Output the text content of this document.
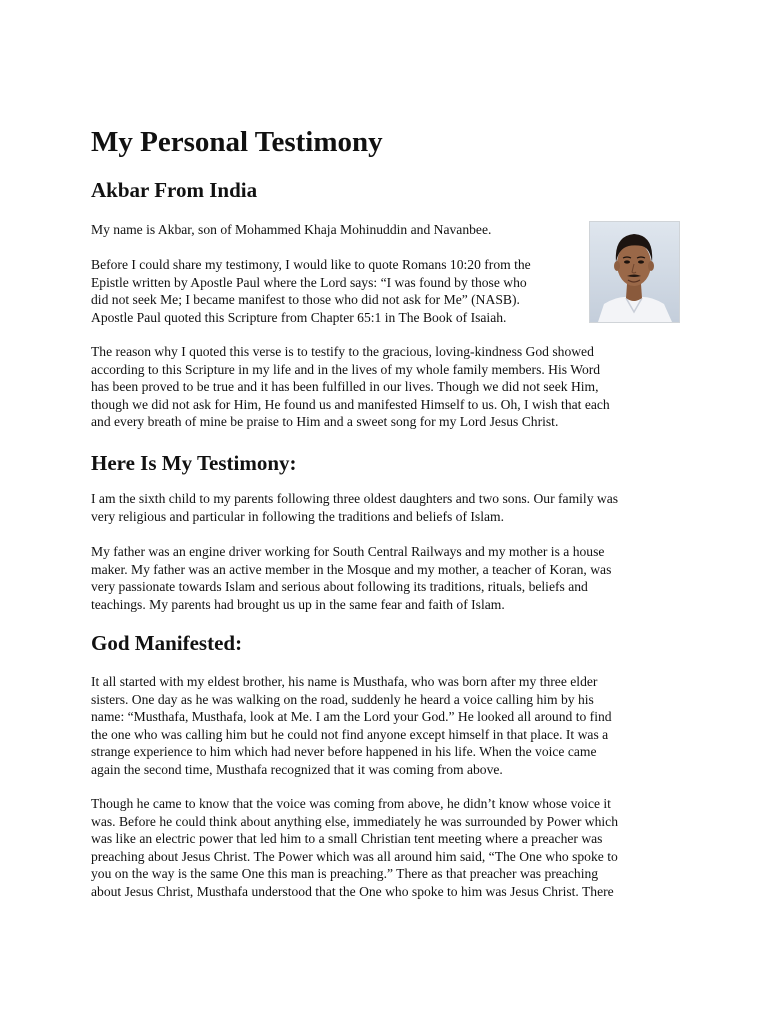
My Personal Testimony
Akbar From India

My name is Akbar, son of Mohammed Khaja Mohinuddin and Navanbee.

Before I could share my testimony, I would like to quote Romans 10:20 from the
Epistle written by Apostle Paul where the Lord says: “I was found by those who
did not seek Me; I became manifest to those who did not ask for Me” (NASB).
Apostle Paul quoted this Scripture from Chapter 65:1 in The Book of Isaiah.

The reason why I quoted this verse is to testify to the gracious, loving-kindness God showed
according to this Scripture in my life and in the lives of my whole family members. His Word
has been proved to be true and it has been fulfilled in our lives. Though we did not seek Him,
though we did not ask for Him, He found us and manifested Himself to us. Oh, I wish that each
and every breath of mine be praise to Him and a sweet song for my Lord Jesus Christ.

Here Is My Testimony:

I am the sixth child to my parents following three oldest daughters and two sons. Our family was
very religious and particular in following the traditions and beliefs of Islam.

My father was an engine driver working for South Central Railways and my mother is a house
maker. My father was an active member in the Mosque and my mother, a teacher of Koran, was
very passionate towards Islam and serious about following its traditions, rituals, beliefs and
teachings. My parents had brought us up in the same fear and faith of Islam.

God Manifested:

It all started with my eldest brother, his name is Musthafa, who was born after my three elder
sisters. One day as he was walking on the road, suddenly he heard a voice calling him by his
name: “Musthafa, Musthafa, look at Me. I am the Lord your God.” He looked all around to find
the one who was calling him but he could not find anyone except himself in that place. It was a
strange experience to him which had never before happened in his life. When the voice came
again the second time, Musthafa recognized that it was coming from above.

Though he came to know that the voice was coming from above, he didn’t know whose voice it
was. Before he could think about anything else, immediately he was surrounded by Power which
was like an electric power that led him to a small Christian tent meeting where a preacher was
preaching about Jesus Christ. The Power which was all around him said, “The One who spoke to
you on the way is the same One this man is preaching.” There as that preacher was preaching
about Jesus Christ, Musthafa understood that the One who spoke to him was Jesus Christ. There
